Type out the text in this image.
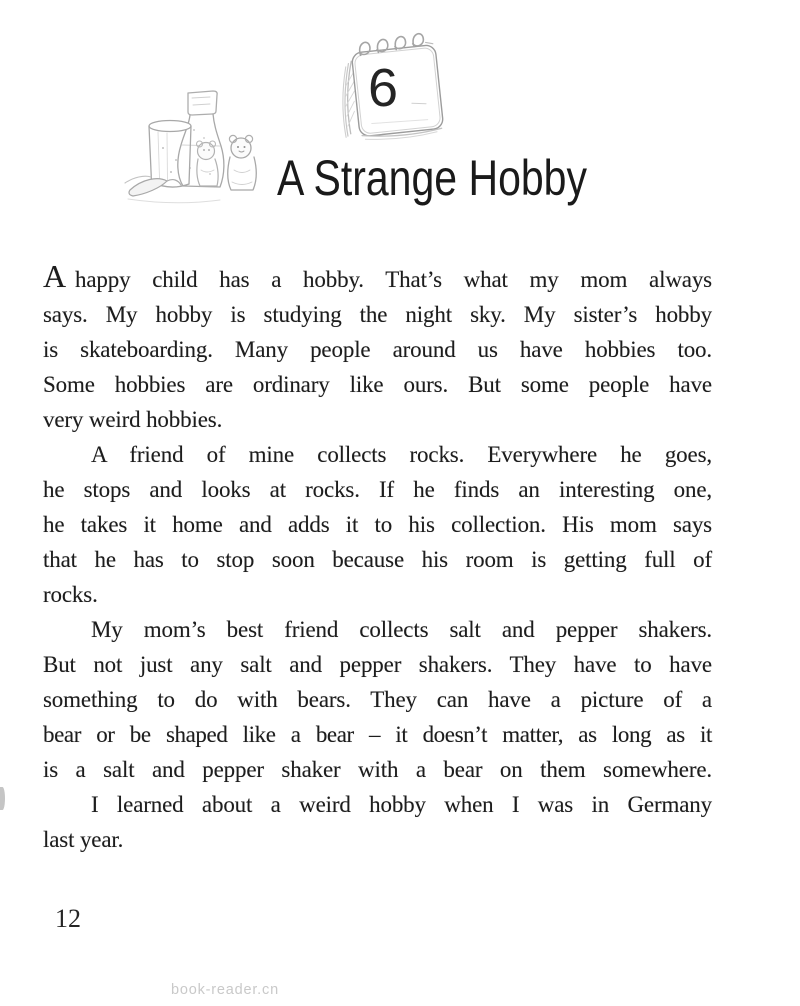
6
A Strange Hobby
A happy child has a hobby. That’s what my mom always
says. My hobby is studying the night sky. My sister’s hobby
is skateboarding. Many people around us have hobbies too.
Some hobbies are ordinary like ours. But some people have
very weird hobbies.
A friend of mine collects rocks. Everywhere he goes,
he stops and looks at rocks. If he finds an interesting one,
he takes it home and adds it to his collection. His mom says
that he has to stop soon because his room is getting full of
rocks.
My mom’s best friend collects salt and pepper shakers.
But not just any salt and pepper shakers. They have to have
something to do with bears. They can have a picture of a
bear or be shaped like a bear – it doesn’t matter, as long as it
is a salt and pepper shaker with a bear on them somewhere.
I learned about a weird hobby when I was in Germany
last year.
12
book-reader.cn
